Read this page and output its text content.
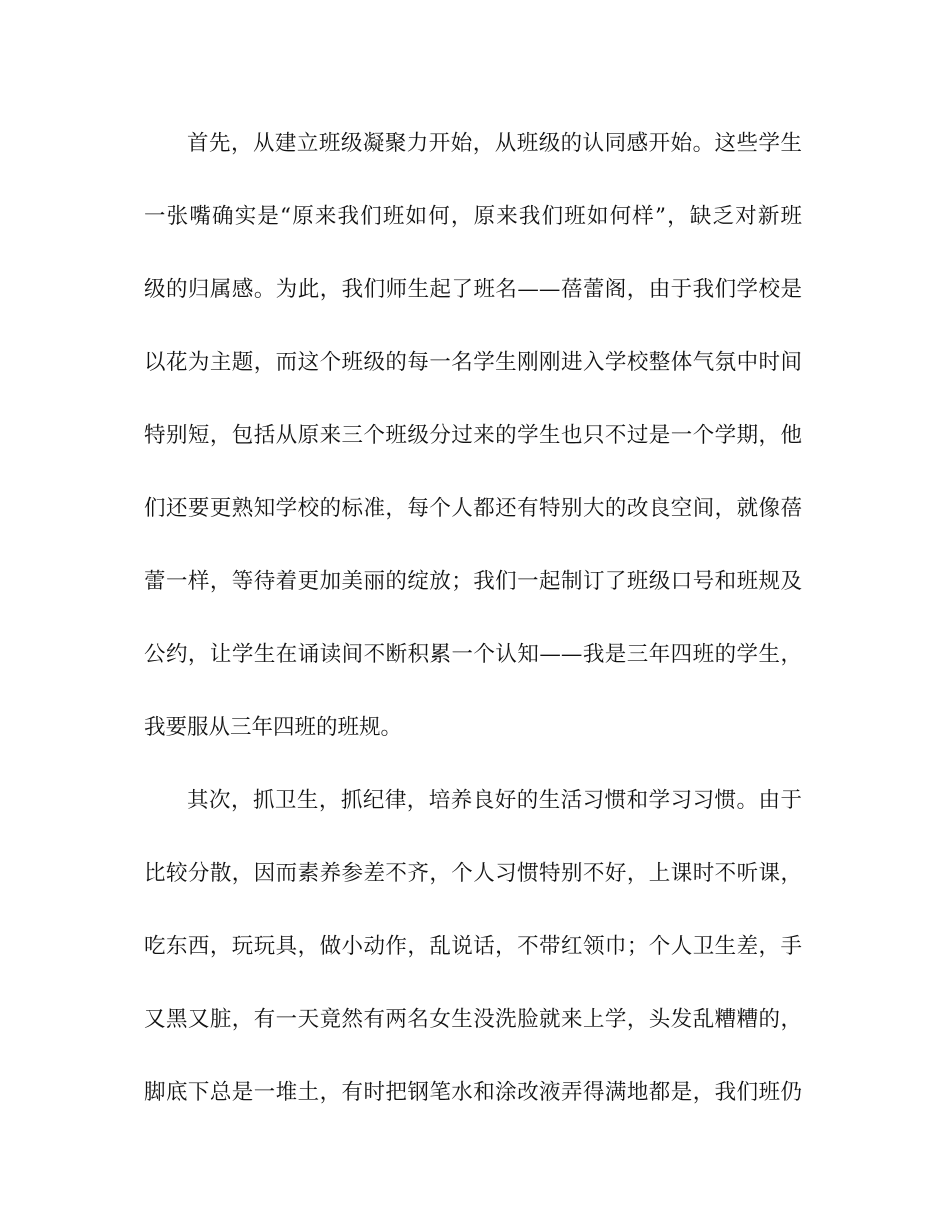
首先，从建立班级凝聚力开始，从班级的认同感开始。这些学生
一张嘴确实是“原来我们班如何，原来我们班如何样”，缺乏对新班
级的归属感。为此，我们师生起了班名——蓓蕾阁，由于我们学校是
以花为主题，而这个班级的每一名学生刚刚进入学校整体气氛中时间
特别短，包括从原来三个班级分过来的学生也只不过是一个学期，他
们还要更熟知学校的标准，每个人都还有特别大的改良空间，就像蓓
蕾一样，等待着更加美丽的绽放；我们一起制订了班级口号和班规及
公约，让学生在诵读间不断积累一个认知——我是三年四班的学生，
我要服从三年四班的班规。
其次，抓卫生，抓纪律，培养良好的生活习惯和学习习惯。由于
比较分散，因而素养参差不齐，个人习惯特别不好，上课时不听课，
吃东西，玩玩具，做小动作，乱说话，不带红领巾；个人卫生差，手
又黑又脏，有一天竟然有两名女生没洗脸就来上学，头发乱糟糟的，
脚底下总是一堆土，有时把钢笔水和涂改液弄得满地都是，我们班仍
